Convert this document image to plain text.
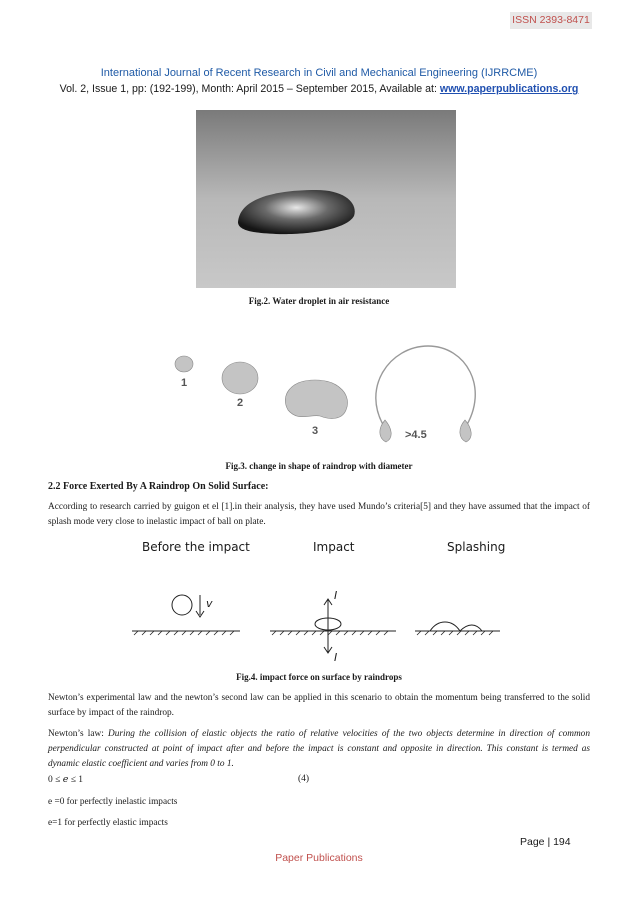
ISSN 2393-8471
International Journal of Recent Research in Civil and Mechanical Engineering (IJRRCME)
Vol. 2, Issue 1, pp: (192-199), Month: April 2015 – September 2015, Available at: www.paperpublications.org
Fig.2. Water droplet in air resistance
1
2
3	>4.5
Fig.3. change in shape of raindrop with diameter
2.2 Force Exerted By A Raindrop On Solid Surface:
According to research carried by guigon et el [1].in their analysis, they have used Mundo’s criteria[5] and they have assumed that the impact of splash mode very close to inelastic impact of ball on plate.
Before the impact	Impact	Splashing
v
I
I
Fig.4. impact force on surface by raindrops
Newton’s experimental law and the newton’s second law can be applied in this scenario to obtain the momentum being transferred to the solid surface by impact of the raindrop.
Newton’s law: During the collision of elastic objects the ratio of relative velocities of the two objects determine in direction of common perpendicular constructed at point of impact after and before the impact is constant and opposite in direction. This constant is termed as dynamic elastic coefficient and varies from 0 to 1.
0 ≤ 𝑒 ≤ 1	(4)
e =0 for perfectly inelastic impacts
e=1 for perfectly elastic impacts
Page | 194
Paper Publications
